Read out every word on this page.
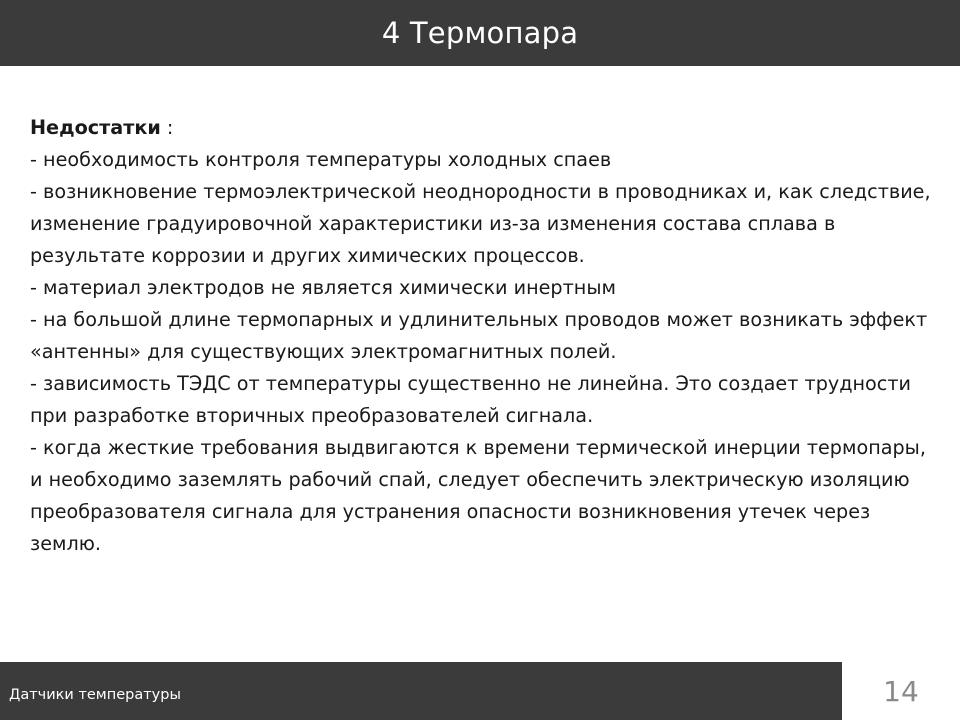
4 Термопара

Недостатки :

- необходимость контроля температуры холодных спаев

- возникновение термоэлектрической неоднородности в проводниках и, как следствие, изменение градуировочной характеристики из-за изменения состава сплава в результате коррозии и других химических процессов.

- материал электродов не является химически инертным

- на большой длине термопарных и удлинительных проводов может возникать эффект «антенны» для существующих электромагнитных полей.

- зависимость ТЭДС от температуры существенно не линейна. Это создает трудности при разработке вторичных преобразователей сигнала.

- когда жесткие требования выдвигаются к времени термической инерции термопары, и необходимо заземлять рабочий спай, следует обеспечить электрическую изоляцию преобразователя сигнала для устранения опасности возникновения утечек через землю.

Датчики температуры	14
